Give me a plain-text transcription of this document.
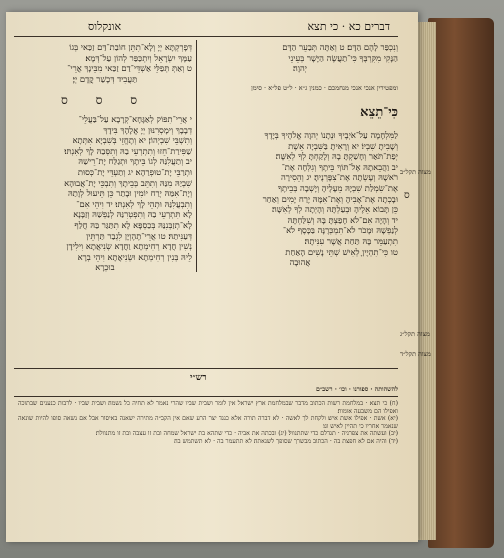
דברים כא · כי תצא
אונקלוס

וְנִכְפַּר לָהֶם הַדָּם׃ ט וְאַתָּה תְּבַעֵר הַדָּם

הַנָּקִי מִקִּרְבֶּךָ כִּי־תַעֲשֶׂה הַיָּשָׁר בְּעֵינֵי

יְהוָה׃

ומפטירין אנכי אנכי מנחמכם · כמנין ג״א · ל״ט פל״א · סימן
כִּי־תֵצֵא

לַמִּלְחָמָה עַל־אֹיְבֶיךָ וּנְתָנוֹ יְהוָה אֱלֹהֶיךָ בְּיָדֶךָ

וְשָׁבִיתָ שִׁבְיוֹ׃ יא וְרָאִיתָ בַּשִּׁבְיָה אֵשֶׁת

יְפַת־תֹּאַר וְחָשַׁקְתָּ בָהּ וְלָקַחְתָּ לְךָ לְאִשָּׁה׃

יב וַהֲבֵאתָהּ אֶל־תּוֹךְ בֵּיתֶךָ וְגִלְּחָה אֶת־

רֹאשָׁהּ וְעָשְׂתָה אֶת־צִפָּרְנֶיהָ׃ יג וְהֵסִירָה

אֶת־שִׂמְלַת שִׁבְיָהּ מֵעָלֶיהָ וְיָשְׁבָה בְּבֵיתֶךָ

וּבָכְתָה אֶת־אָבִיהָ וְאֶת־אִמָּהּ יֶרַח יָמִים וְאַחַר

כֵּן תָּבוֹא אֵלֶיהָ וּבְעַלְתָּהּ וְהָיְתָה לְךָ לְאִשָּׁה׃

יד וְהָיָה אִם־לֹא חָפַצְתָּ בָּהּ וְשִׁלַּחְתָּהּ

לְנַפְשָׁהּ וּמָכֹר לֹא־תִמְכְּרֶנָּה בַּכָּסֶף לֹא־

תִתְעַמֵּר בָּהּ תַּחַת אֲשֶׁר עִנִּיתָהּ׃

טו כִּי־תִהְיֶיןָ לְאִישׁ שְׁתֵּי נָשִׁים הָאַחַת

אֲהוּבָה

דְּפָרְקְתָּא יְיָ וְלָא־תִתֵּן חוֹבַת־דַּם זַכַּאי בְּגוֹ

עַמָּךְ יִשְׂרָאֵל וְיִתְכַּפַּר לְהוֹן עַל־דְּמָא׃

ט וְאַתְּ תְּפַלֵּי אַשְׁדֵּי־דַם זַכַּאי מִבֵּינָךְ אֲרֵי־

תַּעֲבִיד דְּכָשַׁר קֳדָם יְיָ׃

ס ס ס

י אֲרֵי־תִפּוֹק לְאַגָּחָא־קְרָבָא עַל־בַּעֲלֵי־

דְבָבָךְ וְימָסְרִנּוּן יְיָ אֱלָהָךְ בִּידָךְ

וְתִשְׁבֵּי שִׁבְיְהוֹן׃ יא וְתֶחֱזֵי בְּשִׁבְיָא אִתְּתָא

שַׁפִּירַת־חֵזוּ וְתִתְרְעֵי בַהּ וְתִסְּבַהּ לָךְ לְאִנְתּוּ׃

יב וְתַעֲלִנַּהּ לְגוֹ בֵּיתָךְ וּתְגַלַּח יָת־רֵישַׁהּ

וּתְרַבֵּי יָת־טוּפְרַהָא׃ יג וְתַעְדֵּי יָת־כְּסוּת

שִׁבְיַהּ מִנַּהּ וְתִתֵּב בְּבֵיתָךְ וְתִבְכֵּי יָת־אֲבוּהָא

וְיָת־אִמַּהּ יְרַח יוֹמִין וּבָתַר כֵּן תֵּיעוּל לְוָתַהּ

וְתִבְעֲלִנַּהּ וּתְהֵי לָךְ לְאִנְתּוּ׃ יד וִיהֵי אִם־

לָא תִּתְרְעֵי בַהּ וְתִפְטְרִנַּהּ לְנַפְשַׁהּ וְזַבָּנָא

לָא־תְזַבְּנִנַּהּ בְּכַסְפָּא לָא תִתַּגַּר בַּהּ חֲלַף

דְּעַנִּיתַהּ׃ טו אֲרֵי־תֶהֶוְיָן לִגְבַר תַּרְתֵּין

נְשִׁין חֲדָא רְחִימְתָא וַחֲדָא שְׂנִיאֲתָא וִילִידָן

לֵיהּ בְּנִין רְחִימְתָא וּשְׂנִיאֲתָא וִיהֵי בְרָא

בוּכְרָא

מצוה תקל״ב
ס
מצוה תקל״ג
מצוה תקל״ד
רש״י
להשהותה · ספורנו · וכו׳ · רשב״ם

(ח) כי תצא · במלחמת רשות הכתוב מדבר שבמלחמת ארץ ישראל אין לומר ושבית שביו שהרי נאמר לא תחיה כל נשמה׃ ושבית שביו · לרבות כנענים שבתוכה ואפילו הם משבעה אומות׃

(יא) אשת · אפילו אשת איש׃ ולקחת לך לאשה · לא דברה תורה אלא כנגד יצר הרע שאם אין הקב״ה מתירה ישאנה באיסור אבל אם נשאה סופו להיות שונאה שנאמר אחריו כי תהיין לאיש וגו׃

(יב) ועשתה את צפרניה · תגדלם כדי שתתנוול׃ (יג) ובכתה את אביה · כדי שתהא בת ישראל שמחה ובת זו עצבה ובת זו מתנוולת׃

(יד) והיה אם לא חפצת בה · הכתוב מבשרך שסופך לשנאתה׃ לא תתעמר בה · לא תשתמש בה׃
